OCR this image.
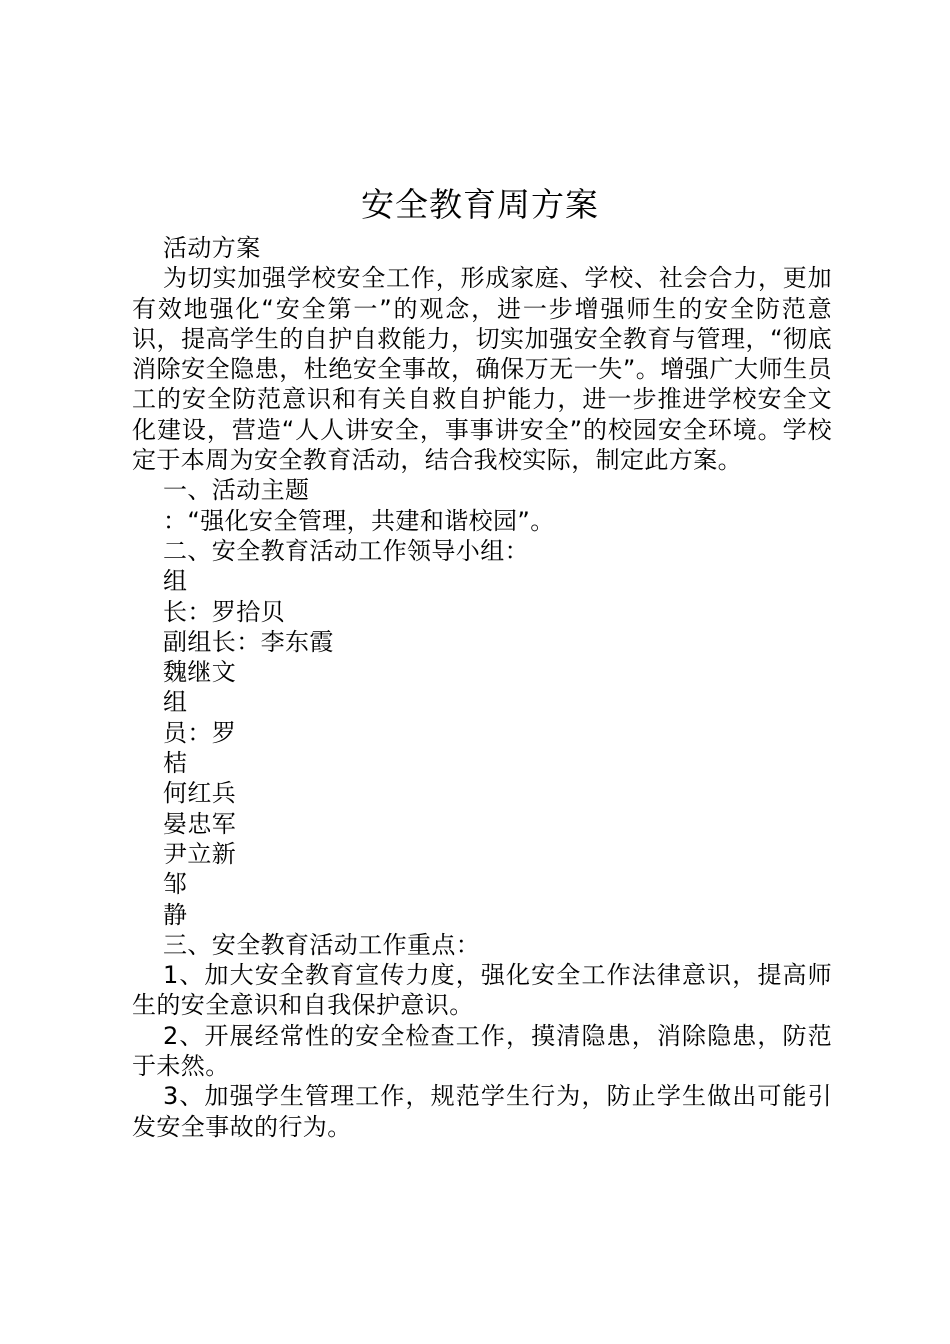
安全教育周方案

活动方案

为切实加强学校安全工作，形成家庭、学校、社会合力，更加有效地强化“安全第一”的观念，进一步增强师生的安全防范意识，提高学生的自护自救能力，切实加强安全教育与管理，“彻底消除安全隐患，杜绝安全事故，确保万无一失”。增强广大师生员工的安全防范意识和有关自救自护能力，进一步推进学校安全文化建设，营造“人人讲安全，事事讲安全”的校园安全环境。学校定于本周为安全教育活动，结合我校实际，制定此方案。

一、活动主题

：“强化安全管理，共建和谐校园”。

二、安全教育活动工作领导小组：

组

长：罗拾贝

副组长：李东霞

魏继文

组

员：罗

桔

何红兵

晏忠军

尹立新

邹

静

三、安全教育活动工作重点：

1、加大安全教育宣传力度，强化安全工作法律意识，提高师生的安全意识和自我保护意识。

2、开展经常性的安全检查工作，摸清隐患，消除隐患，防范于未然。

3、加强学生管理工作，规范学生行为，防止学生做出可能引发安全事故的行为。
